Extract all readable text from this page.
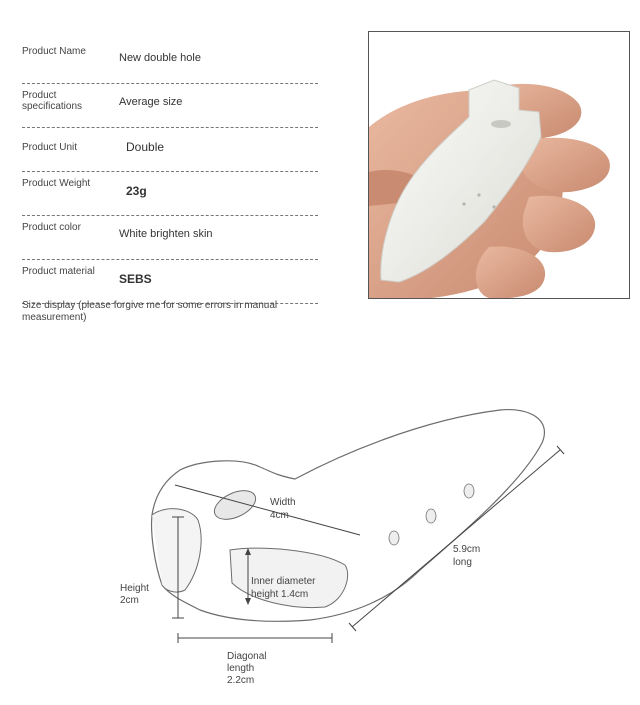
Product Name
New double hole
Product specifications	Average size
Product Unit	Double
Product Weight
23g
Product color
White brighten skin
Product material
SEBS
Size display (please forgive me for some errors in manual measurement)
Width
4cm
5.9cm
long
Inner diameter
height 1.4cm
Height
2cm
Diagonal
length
2.2cm
